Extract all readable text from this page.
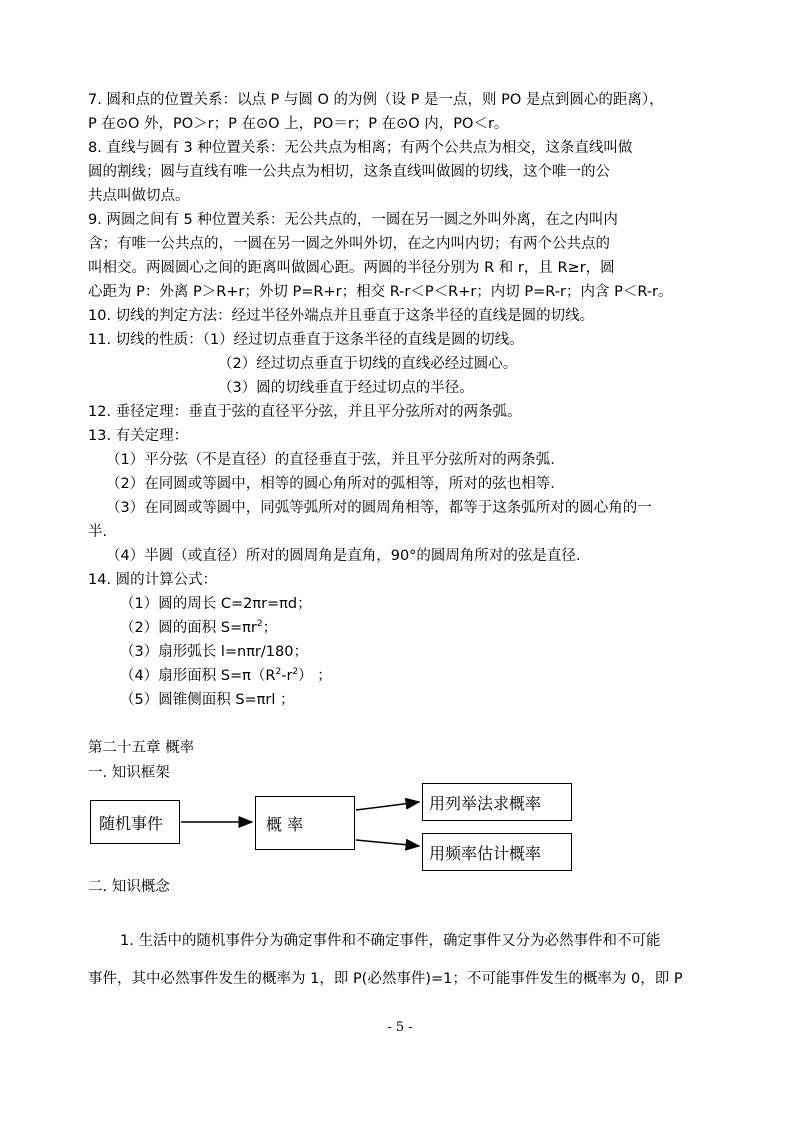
7. 圆和点的位置关系：以点 P 与圆 O 的为例（设 P 是一点，则 PO 是点到圆心的距离），
P 在⊙O 外，PO＞r；P 在⊙O 上，PO＝r；P 在⊙O 内，PO＜r。
8. 直线与圆有 3 种位置关系：无公共点为相离；有两个公共点为相交，这条直线叫做
圆的割线；圆与直线有唯一公共点为相切，这条直线叫做圆的切线，这个唯一的公
共点叫做切点。
9. 两圆之间有 5 种位置关系：无公共点的，一圆在另一圆之外叫外离，在之内叫内
含；有唯一公共点的，一圆在另一圆之外叫外切，在之内叫内切；有两个公共点的
叫相交。两圆圆心之间的距离叫做圆心距。两圆的半径分别为 R 和 r，且 R≥r，圆
心距为 P：外离 P＞R+r；外切 P=R+r；相交 R-r＜P＜R+r；内切 P=R-r；内含 P＜R-r。
10. 切线的判定方法：经过半径外端点并且垂直于这条半径的直线是圆的切线。
11. 切线的性质：（1）经过切点垂直于这条半径的直线是圆的切线。
（2）经过切点垂直于切线的直线必经过圆心。
（3）圆的切线垂直于经过切点的半径。
12. 垂径定理：垂直于弦的直径平分弦，并且平分弦所对的两条弧。
13. 有关定理：
（1）平分弦（不是直径）的直径垂直于弦，并且平分弦所对的两条弧.
（2）在同圆或等圆中，相等的圆心角所对的弧相等，所对的弦也相等.
（3）在同圆或等圆中，同弧等弧所对的圆周角相等，都等于这条弧所对的圆心角的一
半.
（4）半圆（或直径）所对的圆周角是直角，90°的圆周角所对的弦是直径.
14. 圆的计算公式：
（1）圆的周长 C=2πr=πd；
（2）圆的面积 $S=\pi r^2$；
（3）扇形弧长 l=nπr/180；
（4）扇形面积 $S=\pi(R^2-r^2)$ ；
（5）圆锥侧面积 S=πrl ；
第二十五章 概率
一. 知识框架
随机事件	概 率
用列举法求概率
用频率估计概率
二. 知识概念
1. 生活中的随机事件分为确定事件和不确定事件，确定事件又分为必然事件和不可能
事件，其中必然事件发生的概率为 1，即 P(必然事件)=1；不可能事件发生的概率为 0，即 P
- 5 -
